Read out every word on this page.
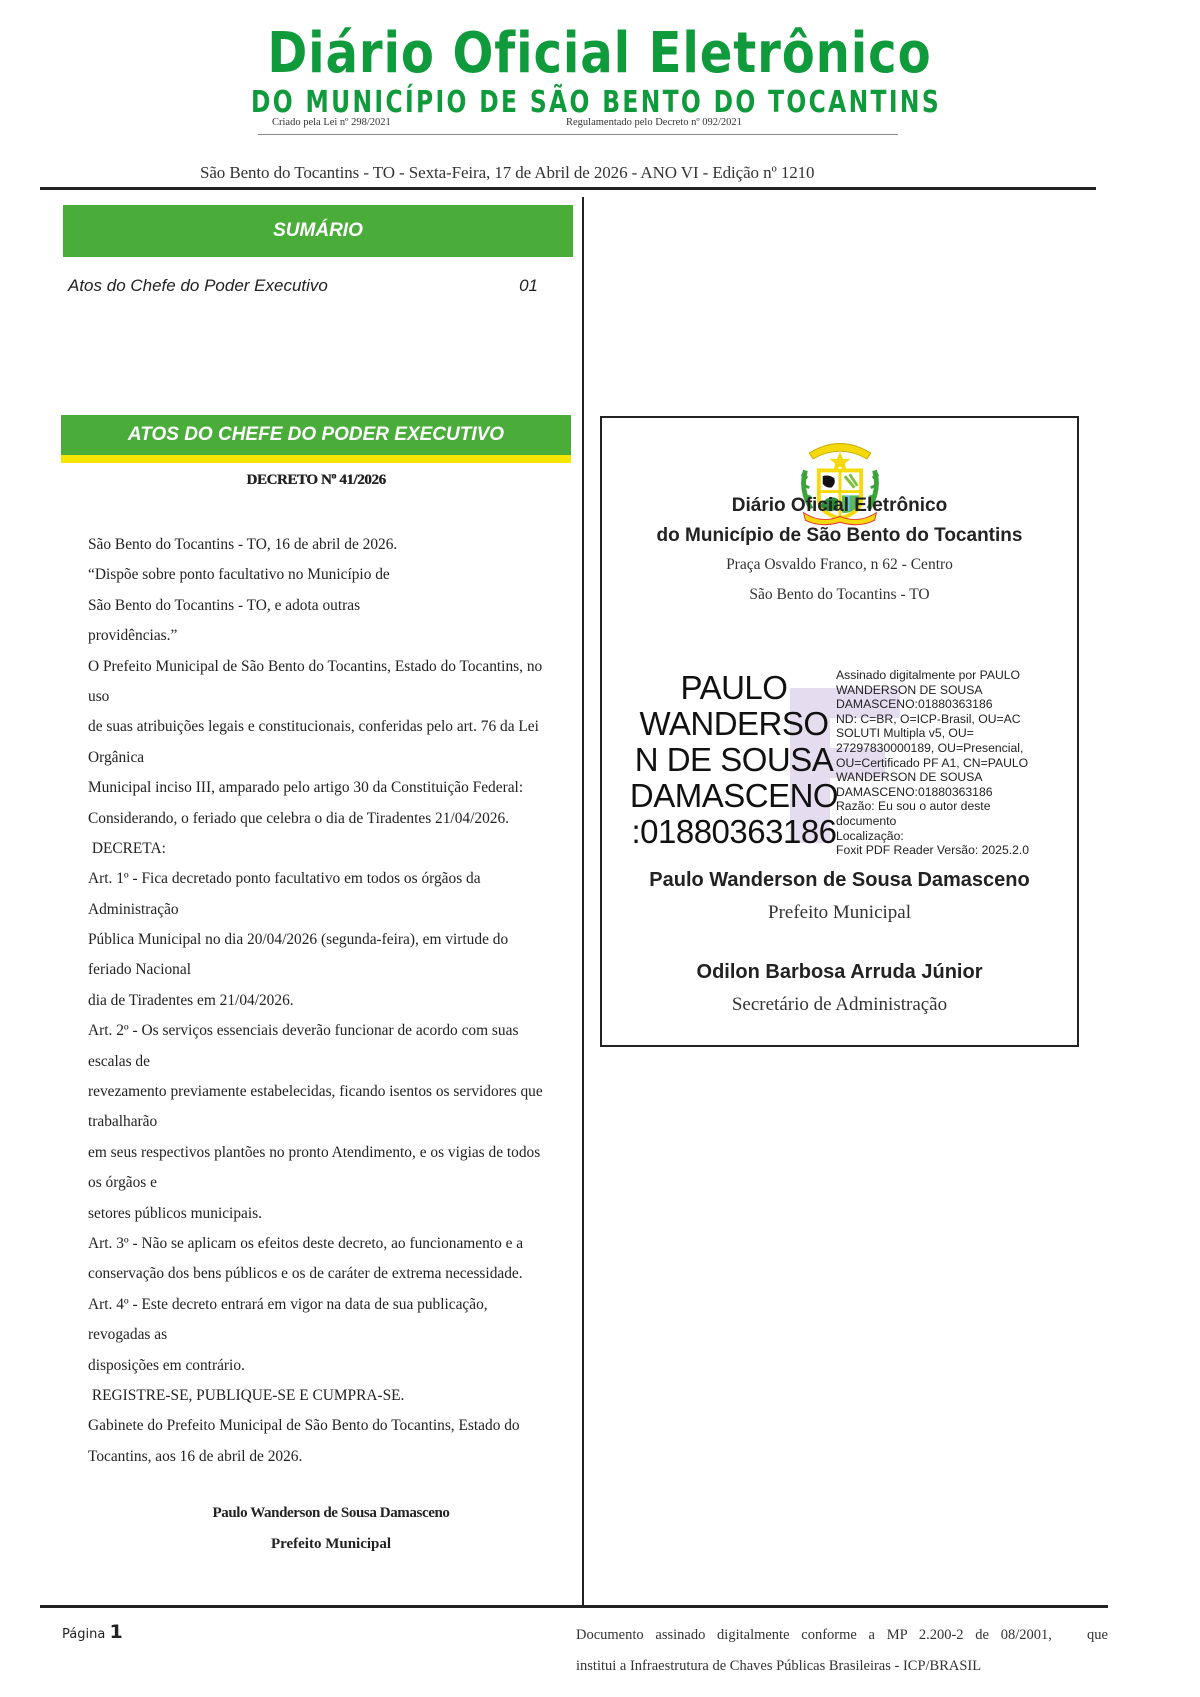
Diário Oficial Eletrônico
DO MUNICÍPIO DE SÃO BENTO DO TOCANTINS
Criado pela Lei nº 298/2021	Regulamentado pelo Decreto nº 092/2021
São Bento do Tocantins - TO - Sexta-Feira, 17 de Abril de 2026 - ANO VI - Edição nº 1210
SUMÁRIO
Atos do Chefe do Poder Executivo	01
ATOS DO CHEFE DO PODER EXECUTIVO
DECRETO Nº 41/2026
São Bento do Tocantins - TO, 16 de abril de 2026.
“Dispõe sobre ponto facultativo no Município de
São Bento do Tocantins - TO, e adota outras
providências.”
O Prefeito Municipal de São Bento do Tocantins, Estado do Tocantins, no
uso
de suas atribuições legais e constitucionais, conferidas pelo art. 76 da Lei
Orgânica
Municipal inciso III, amparado pelo artigo 30 da Constituição Federal:
Considerando, o feriado que celebra o dia de Tiradentes 21/04/2026.
DECRETA:
Art. 1º - Fica decretado ponto facultativo em todos os órgãos da
Administração
Pública Municipal no dia 20/04/2026 (segunda-feira), em virtude do
feriado Nacional
dia de Tiradentes em 21/04/2026.
Art. 2º - Os serviços essenciais deverão funcionar de acordo com suas
escalas de
revezamento previamente estabelecidas, ficando isentos os servidores que
trabalharão
em seus respectivos plantões no pronto Atendimento, e os vigias de todos
os órgãos e
setores públicos municipais.
Art. 3º - Não se aplicam os efeitos deste decreto, ao funcionamento e a
conservação dos bens públicos e os de caráter de extrema necessidade.
Art. 4º - Este decreto entrará em vigor na data de sua publicação,
revogadas as
disposições em contrário.
REGISTRE-SE, PUBLIQUE-SE E CUMPRA-SE.
Gabinete do Prefeito Municipal de São Bento do Tocantins, Estado do
Tocantins, aos 16 de abril de 2026.
Paulo Wanderson de Sousa Damasceno
Prefeito Municipal
Diário Oficial Eletrônico
do Município de São Bento do Tocantins
Praça Osvaldo Franco, n 62 - Centro
São Bento do Tocantins - TO
PAULO
WANDERSO
N DE SOUSA
DAMASCENO
:01880363186
Assinado digitalmente por PAULO
WANDERSON DE SOUSA
DAMASCENO:01880363186
ND: C=BR, O=ICP-Brasil, OU=AC
SOLUTI Multipla v5, OU=
27297830000189, OU=Presencial,
OU=Certificado PF A1, CN=PAULO
WANDERSON DE SOUSA
DAMASCENO:01880363186
Razão: Eu sou o autor deste
documento
Localização:
Foxit PDF Reader Versão: 2025.2.0
Paulo Wanderson de Sousa Damasceno
Prefeito Municipal
Odilon Barbosa Arruda Júnior
Secretário de Administração
Página 1	Documento assinado digitalmente conforme a MP 2.200-2 de 08/2001,   que
institui a Infraestrutura de Chaves Públicas Brasileiras - ICP/BRASIL
